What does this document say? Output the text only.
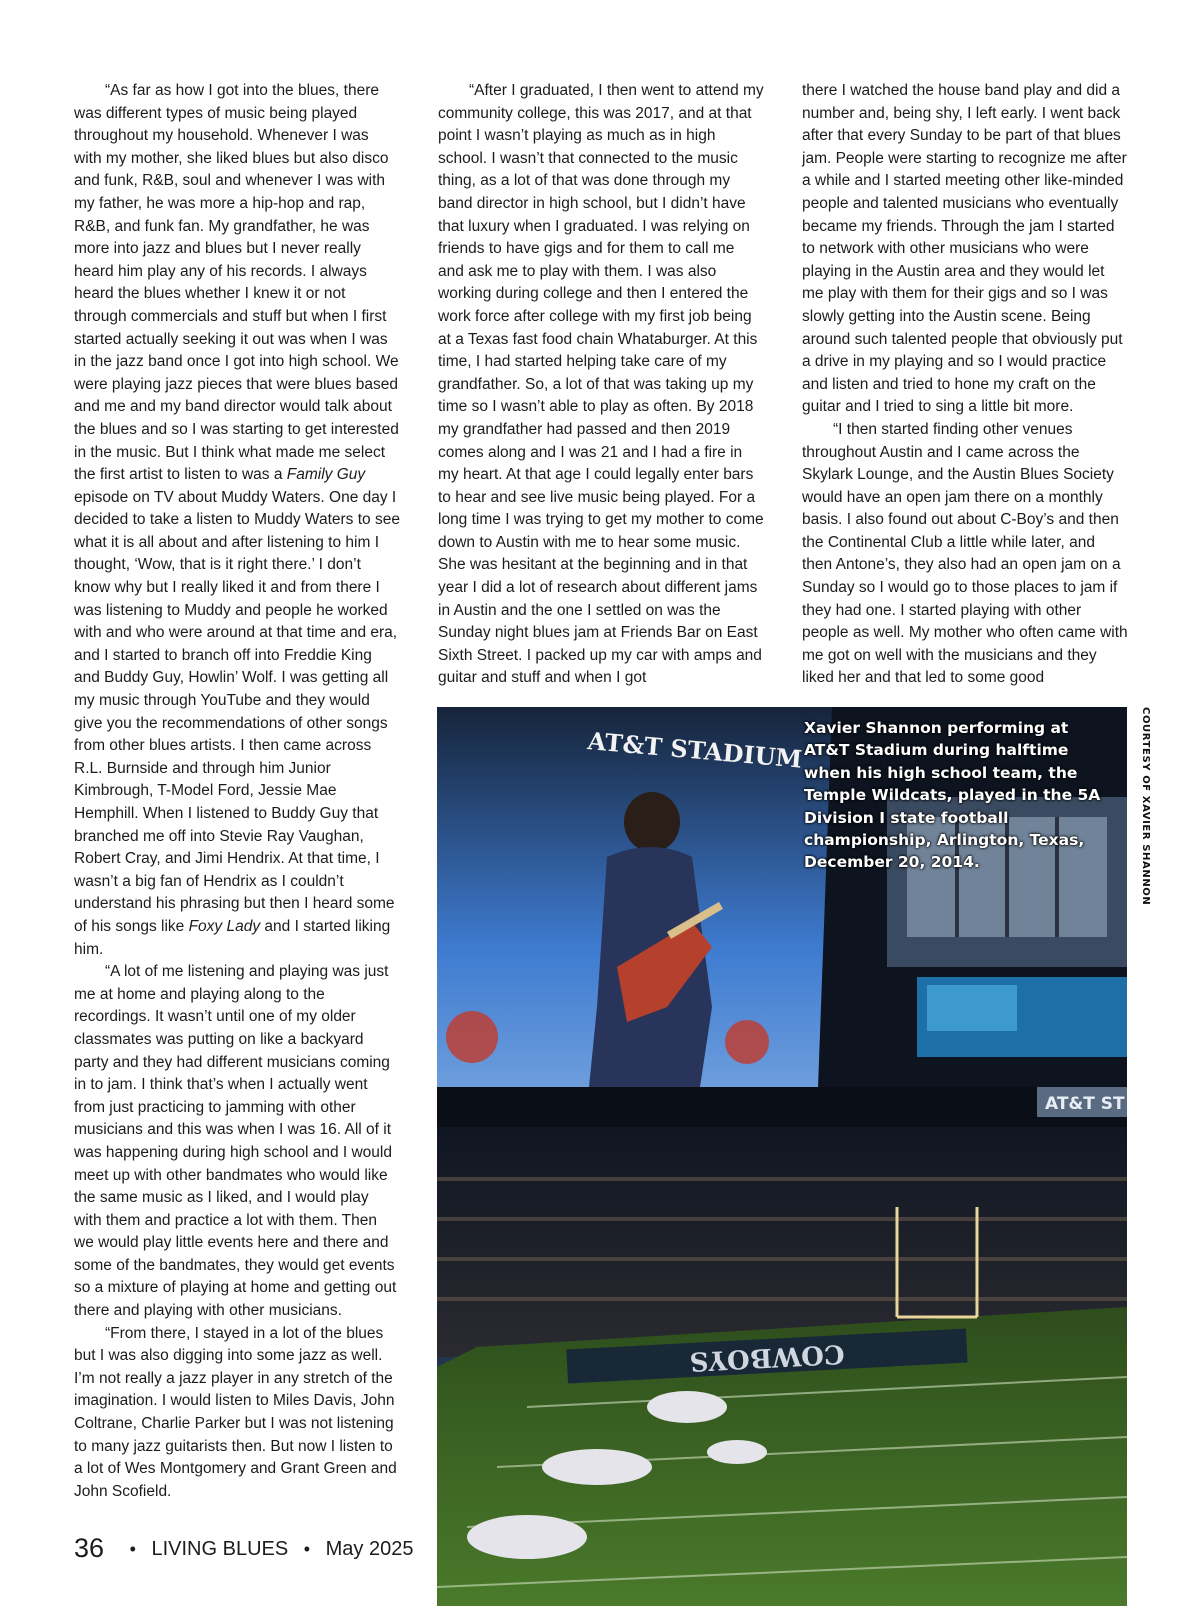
“As far as how I got into the blues, there was different types of music being played throughout my household. Whenever I was with my mother, she liked blues but also disco and funk, R&B, soul and whenever I was with my father, he was more a hip-hop and rap, R&B, and funk fan. My grandfather, he was more into jazz and blues but I never really heard him play any of his records. I always heard the blues whether I knew it or not through commercials and stuff but when I first started actually seeking it out was when I was in the jazz band once I got into high school. We were playing jazz pieces that were blues based and me and my band director would talk about the blues and so I was starting to get interested in the music. But I think what made me select the first artist to listen to was a Family Guy episode on TV about Muddy Waters. One day I decided to take a listen to Muddy Waters to see what it is all about and after listening to him I thought, ‘Wow, that is it right there.’ I don’t know why but I really liked it and from there I was listening to Muddy and people he worked with and who were around at that time and era, and I started to branch off into Freddie King and Buddy Guy, Howlin’ Wolf. I was getting all my music through YouTube and they would give you the recommendations of other songs from other blues artists. I then came across R.L. Burnside and through him Junior Kimbrough, T-Model Ford, Jessie Mae Hemphill. When I listened to Buddy Guy that branched me off into Stevie Ray Vaughan, Robert Cray, and Jimi Hendrix. At that time, I wasn’t a big fan of Hendrix as I couldn’t understand his phrasing but then I heard some of his songs like Foxy Lady and I started liking him.

“A lot of me listening and playing was just me at home and playing along to the recordings. It wasn’t until one of my older classmates was putting on like a backyard party and they had different musicians coming in to jam. I think that’s when I actually went from just practicing to jamming with other musicians and this was when I was 16. All of it was happening during high school and I would meet up with other bandmates who would like the same music as I liked, and I would play with them and practice a lot with them. Then we would play little events here and there and some of the bandmates, they would get events so a mixture of playing at home and getting out there and playing with other musicians.

“From there, I stayed in a lot of the blues but I was also digging into some jazz as well. I’m not really a jazz player in any stretch of the imagination. I would listen to Miles Davis, John Coltrane, Charlie Parker but I was not listening to many jazz guitarists then. But now I listen to a lot of Wes Montgomery and Grant Green and John Scofield.

“After I graduated, I then went to attend my community college, this was 2017, and at that point I wasn’t playing as much as in high school. I wasn’t that connected to the music thing, as a lot of that was done through my band director in high school, but I didn’t have that luxury when I graduated. I was relying on friends to have gigs and for them to call me and ask me to play with them. I was also working during college and then I entered the work force after college with my first job being at a Texas fast food chain Whataburger. At this time, I had started helping take care of my grandfather. So, a lot of that was taking up my time so I wasn’t able to play as often. By 2018 my grandfather had passed and then 2019 comes along and I was 21 and I had a fire in my heart. At that age I could legally enter bars to hear and see live music being played. For a long time I was trying to get my mother to come down to Austin with me to hear some music. She was hesitant at the beginning and in that year I did a lot of research about different jams in Austin and the one I settled on was the Sunday night blues jam at Friends Bar on East Sixth Street. I packed up my car with amps and guitar and stuff and when I got

there I watched the house band play and did a number and, being shy, I left early. I went back after that every Sunday to be part of that blues jam. People were starting to recognize me after a while and I started meeting other like-minded people and talented musicians who eventually became my friends. Through the jam I started to network with other musicians who were playing in the Austin area and they would let me play with them for their gigs and so I was slowly getting into the Austin scene. Being around such talented people that obviously put a drive in my playing and so I would practice and listen and tried to hone my craft on the guitar and I tried to sing a little bit more.

“I then started finding other venues throughout Austin and I came across the Skylark Lounge, and the Austin Blues Society would have an open jam there on a monthly basis. I also found out about C-Boy’s and then the Continental Club a little while later, and then Antone’s, they also had an open jam on a Sunday so I would go to those places to jam if they had one. I started playing with other people as well. My mother who often came with me got on well with the musicians and they liked her and that led to some good

AT&T STADIUM
AT&T ST
COWBOYS
Xavier Shannon performing at AT&T Stadium during halftime when his high school team, the Temple Wildcats, played in the 5A Division I state football championship, Arlington, Texas, December 20, 2014.	COURTESY OF XAVIER SHANNON
36 • LIVING BLUES • May 2025
